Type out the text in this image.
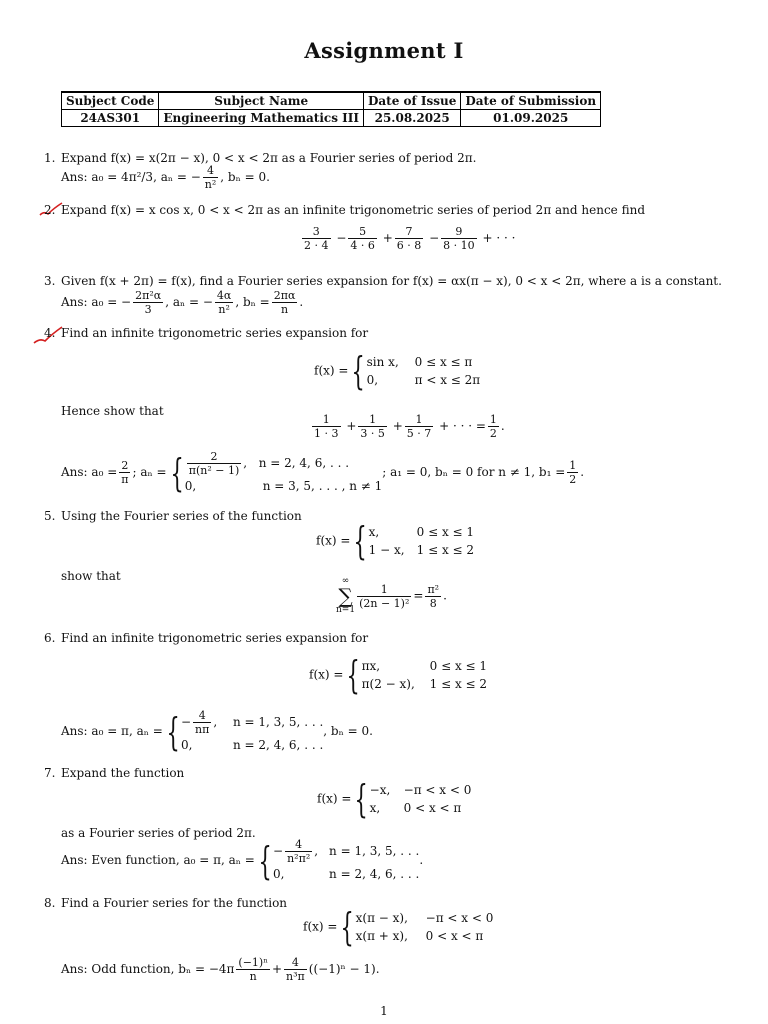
Assignment I
Subject Code	Subject Name	Date of Issue	Date of Submission
24AS301	Engineering Mathematics III	25.08.2025	01.09.2025
1. Expand f(x) = x(2π − x), 0 < x < 2π as a Fourier series of period 2π.
Ans: a₀ = 4π²/3, aₙ = − $\frac{4}{\text{n²}}$ , bₙ = 0.
2. Expand f(x) = x cos x, 0 < x < 2π as an infinite trigonometric series of period 2π and hence find
$\frac{3}{2 \cdot 4} - \frac{5}{4 \cdot 6} + \frac{7}{6 \cdot 8} - \frac{9}{8 \cdot 10}$ + · · ·
3. Given f(x + 2π) = f(x), find a Fourier series expansion for f(x) = αx(π − x), 0 < x < 2π, where a is a constant.
Ans: a₀ = − $\frac{\text{2π²α}}{3}$ , aₙ = − $\frac{4\alpha}{\text{n²}}$ , $b_n = \frac{2\pi\alpha}{n}$ .
4. Find an infinite trigonometric series expansion for
f(x) ={ sin x, 0 ≤ x ≤ π
0,	π < x ≤ 2π
Hence show that
$\frac{1}{1 \cdot 3} + \frac{1}{3 \cdot 5} + \frac{1}{5 \cdot 7}$ + · · · = $\frac{1}{2}$ .
Ans: $a_0 = \frac{2}{\pi}$ ; aₙ ={ $\frac{2}{\text{π(n² − 1)}}$ , n = 2, 4, 6, . . .
0,	n = 3, 5, . . . , n ≠ 1
; a₁ = 0, bₙ = 0 for n ≠ 1, $b_1 = \frac{1}{2}$ .
5. Using the Fourier series of the function
f(x) ={ x,	0 ≤ x ≤ 1
1 − x, 1 ≤ x ≤ 2
show that	∞
∑
n=1
$\frac{1}{\text{(2n − 1)²}} = \frac{\text{π²}}{8}$ .
6. Find an infinite trigonometric series expansion for
f(x) ={ πx,	0 ≤ x ≤ 1
π(2 − x), 1 ≤ x ≤ 2
Ans: a₀ = π, aₙ ={ − $\frac{4}{n\pi}$ , n = 1, 3, 5, . . .
0,	n = 2, 4, 6, . . .
, bₙ = 0.
7. Expand the function
f(x) ={ −x, −π < x < 0
x, 0 < x < π
as a Fourier series of period 2π.
Ans: Even function, a₀ = π, aₙ ={ − $\frac{4}{\text{n²π²}}$ , n = 1, 3, 5, . . .
0,	n = 2, 4, 6, . . .
.
8. Find a Fourier series for the function
f(x) ={ x(π − x), −π < x < 0
x(π + x), 0 < x < π
Ans: Odd function, $b_n = -4\pi \frac{\text{(−1)ⁿ}}{n} + \frac{4}{\text{n³π}} ((-1)^n - 1)$.
1
